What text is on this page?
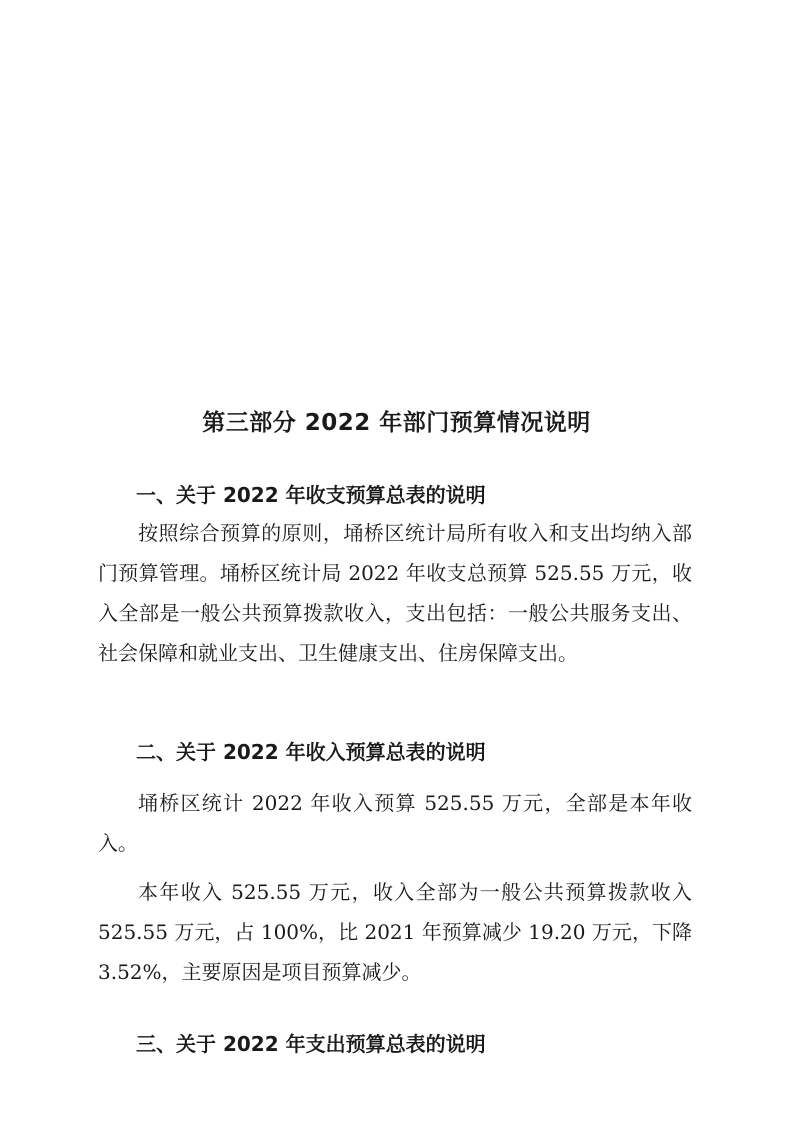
第三部分 2022 年部门预算情况说明
一、关于 2022 年收支预算总表的说明
按照综合预算的原则，埇桥区统计局所有收入和支出均纳入部门预算管理。埇桥区统计局 2022 年收支总预算 525.55 万元，收入全部是一般公共预算拨款收入，支出包括：一般公共服务支出、社会保障和就业支出、卫生健康支出、住房保障支出。
二、关于 2022 年收入预算总表的说明
埇桥区统计 2022 年收入预算 525.55 万元，全部是本年收入。
本年收入 525.55 万元，收入全部为一般公共预算拨款收入 525.55 万元，占 100%，比 2021 年预算减少 19.20 万元，下降 3.52%，主要原因是项目预算减少。
三、关于 2022 年支出预算总表的说明
